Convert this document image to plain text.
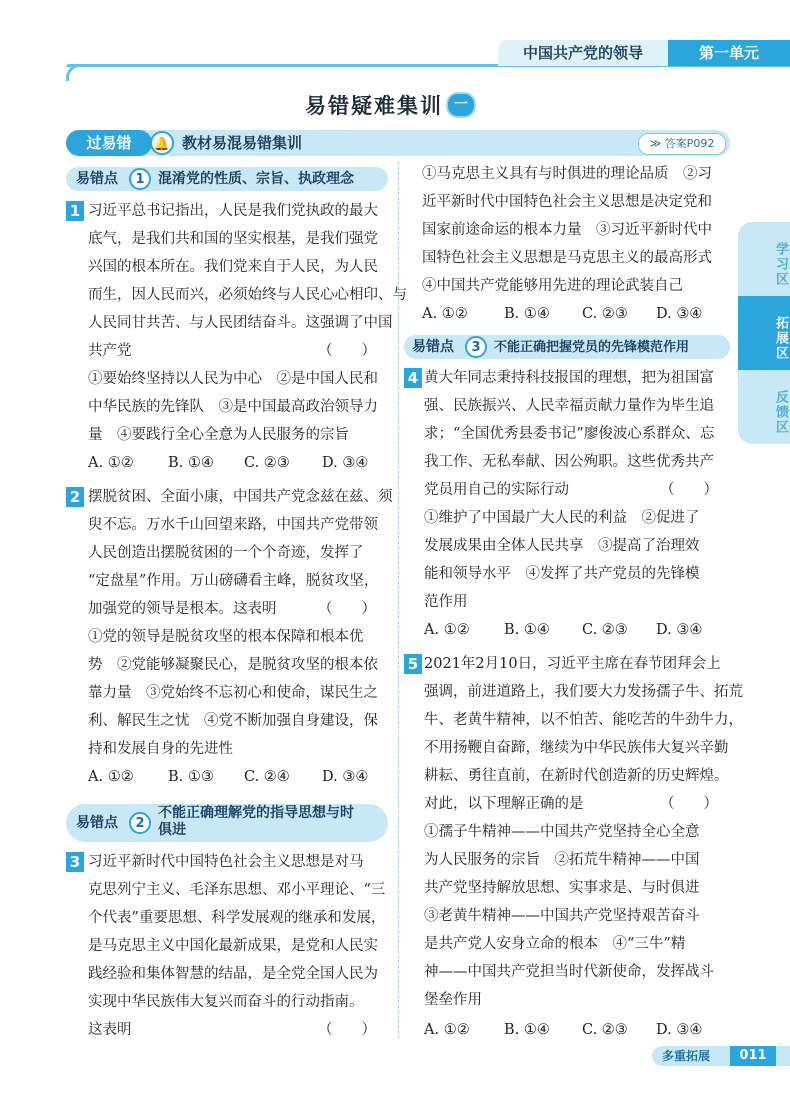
中国共产党的领导	第一单元
易错疑难集训 一
过易错	🔔 教材易混易错集训	≫ 答案P092
学习区
拓展区
反馈区
易错点	1 混淆党的性质、宗旨、执政理念
1 习近平总书记指出，人民是我们党执政的最大
底气，是我们共和国的坚实根基，是我们强党
兴国的根本所在。我们党来自于人民，为人民
而生，因人民而兴，必须始终与人民心心相印、与
人民同甘共苦、与人民团结奋斗。这强调了中国
共产党	（　　）
①要始终坚持以人民为中心　②是中国人民和
中华民族的先锋队　③是中国最高政治领导力
量　④要践行全心全意为人民服务的宗旨
A. ①② B. ①④ C. ②③ D. ③④
2 摆脱贫困、全面小康，中国共产党念兹在兹、须
臾不忘。万水千山回望来路，中国共产党带领
人民创造出摆脱贫困的一个个奇迹，发挥了
“定盘星”作用。万山磅礴看主峰，脱贫攻坚，
加强党的领导是根本。这表明	（　　）
①党的领导是脱贫攻坚的根本保障和根本优
势　②党能够凝聚民心，是脱贫攻坚的根本依
靠力量　③党始终不忘初心和使命，谋民生之
利、解民生之忧　④党不断加强自身建设，保
持和发展自身的先进性
A. ①② B. ①③ C. ②④ D. ③④
易错点	2
不能正确理解党的指导思想与时
俱进
3 习近平新时代中国特色社会主义思想是对马
克思列宁主义、毛泽东思想、邓小平理论、“三
个代表”重要思想、科学发展观的继承和发展，
是马克思主义中国化最新成果，是党和人民实
践经验和集体智慧的结晶，是全党全国人民为
实现中华民族伟大复兴而奋斗的行动指南。
这表明	（　　）
①马克思主义具有与时俱进的理论品质　②习
近平新时代中国特色社会主义思想是决定党和
国家前途命运的根本力量　③习近平新时代中
国特色社会主义思想是马克思主义的最高形式
④中国共产党能够用先进的理论武装自己
A. ①②	B. ①④ C. ②③ D. ③④
易错点	3	不能正确把握党员的先锋模范作用
4 黄大年同志秉持科技报国的理想，把为祖国富
强、民族振兴、人民幸福贡献力量作为毕生追
求；“全国优秀县委书记”廖俊波心系群众、忘
我工作、无私奉献、因公殉职。这些优秀共产
党员用自己的实际行动	（　　）
①维护了中国最广大人民的利益　②促进了
发展成果由全体人民共享　③提高了治理效
能和领导水平　④发挥了共产党员的先锋模
范作用
A. ①② B. ①④ C. ②③ D. ③④
5 2021年2月10日，习近平主席在春节团拜会上
强调，前进道路上，我们要大力发扬孺子牛、拓荒
牛、老黄牛精神，以不怕苦、能吃苦的牛劲牛力，
不用扬鞭自奋蹄，继续为中华民族伟大复兴辛勤
耕耘、勇往直前，在新时代创造新的历史辉煌。
对此，以下理解正确的是	（　　）
①孺子牛精神——中国共产党坚持全心全意
为人民服务的宗旨　②拓荒牛精神——中国
共产党坚持解放思想、实事求是、与时俱进
③老黄牛精神——中国共产党坚持艰苦奋斗
是共产党人安身立命的根本　④“三牛”精
神——中国共产党担当时代新使命，发挥战斗
堡垒作用
A. ①② B. ①④ C. ②③ D. ③④
多重拓展	011
